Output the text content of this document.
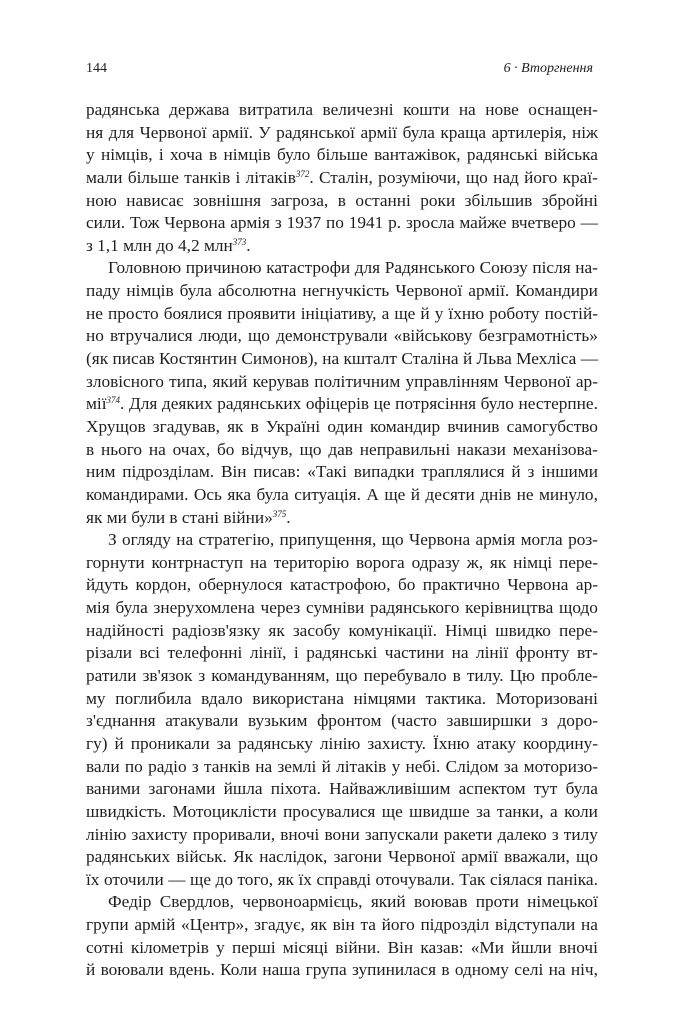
144	6 · Вторгнення
радянська держава витратила величезні кошти на нове оснащен-
ня для Червоної армії. У радянської армії була краща артилерія, ніж
у німців, і хоча в німців було більше вантажівок, радянські війська
мали більше танків і літаків$^{372}$. Сталін, розуміючи, що над його краї-
ною нависає зовнішня загроза, в останні роки збільшив збройні
сили. Тож Червона армія з 1937 по 1941 р. зросла майже вчетверо —
з 1,1 млн до 4,2 млн$^{373}$.
Головною причиною катастрофи для Радянського Союзу після на-
паду німців була абсолютна негнучкість Червоної армії. Командири
не просто боялися проявити ініціативу, а ще й у їхню роботу постій-
но втручалися люди, що демонстрували «військову безграмотність»
(як писав Костянтин Симонов), на кшталт Сталіна й Льва Мехліса —
зловісного типа, який керував політичним управлінням Червоної ар-
мії$^{374}$. Для деяких радянських офіцерів це потрясіння було нестерпне.
Хрущов згадував, як в Україні один командир вчинив самогубство
в нього на очах, бо відчув, що дав неправильні накази механізова-
ним підрозділам. Він писав: «Такі випадки траплялися й з іншими
командирами. Ось яка була ситуація. А ще й десяти днів не минуло,
як ми були в стані війни»$^{375}$.
З огляду на стратегію, припущення, що Червона армія могла роз-
горнути контрнаступ на територію ворога одразу ж, як німці пере-
йдуть кордон, обернулося катастрофою, бо практично Червона ар-
мія була знерухомлена через сумніви радянського керівництва щодо
надійності радіозв'язку як засобу комунікації. Німці швидко пере-
різали всі телефонні лінії, і радянські частини на лінії фронту вт-
ратили зв'язок з командуванням, що перебувало в тилу. Цю пробле-
му поглибила вдало використана німцями тактика. Моторизовані
з'єднання атакували вузьким фронтом (часто завширшки з доро-
гу) й проникали за радянську лінію захисту. Їхню атаку координу-
вали по радіо з танків на землі й літаків у небі. Слідом за моторизо-
ваними загонами йшла піхота. Найважливішим аспектом тут була
швидкість. Мотоциклісти просувалися ще швидше за танки, а коли
лінію захисту проривали, вночі вони запускали ракети далеко з тилу
радянських військ. Як наслідок, загони Червоної армії вважали, що
їх оточили — ще до того, як їх справді оточували. Так сіялася паніка.
Федір Свердлов, червоноармієць, який воював проти німецької
групи армій «Центр», згадує, як він та його підрозділ відступали на
сотні кілометрів у перші місяці війни. Він казав: «Ми йшли вночі
й воювали вдень. Коли наша група зупинилася в одному селі на ніч,
